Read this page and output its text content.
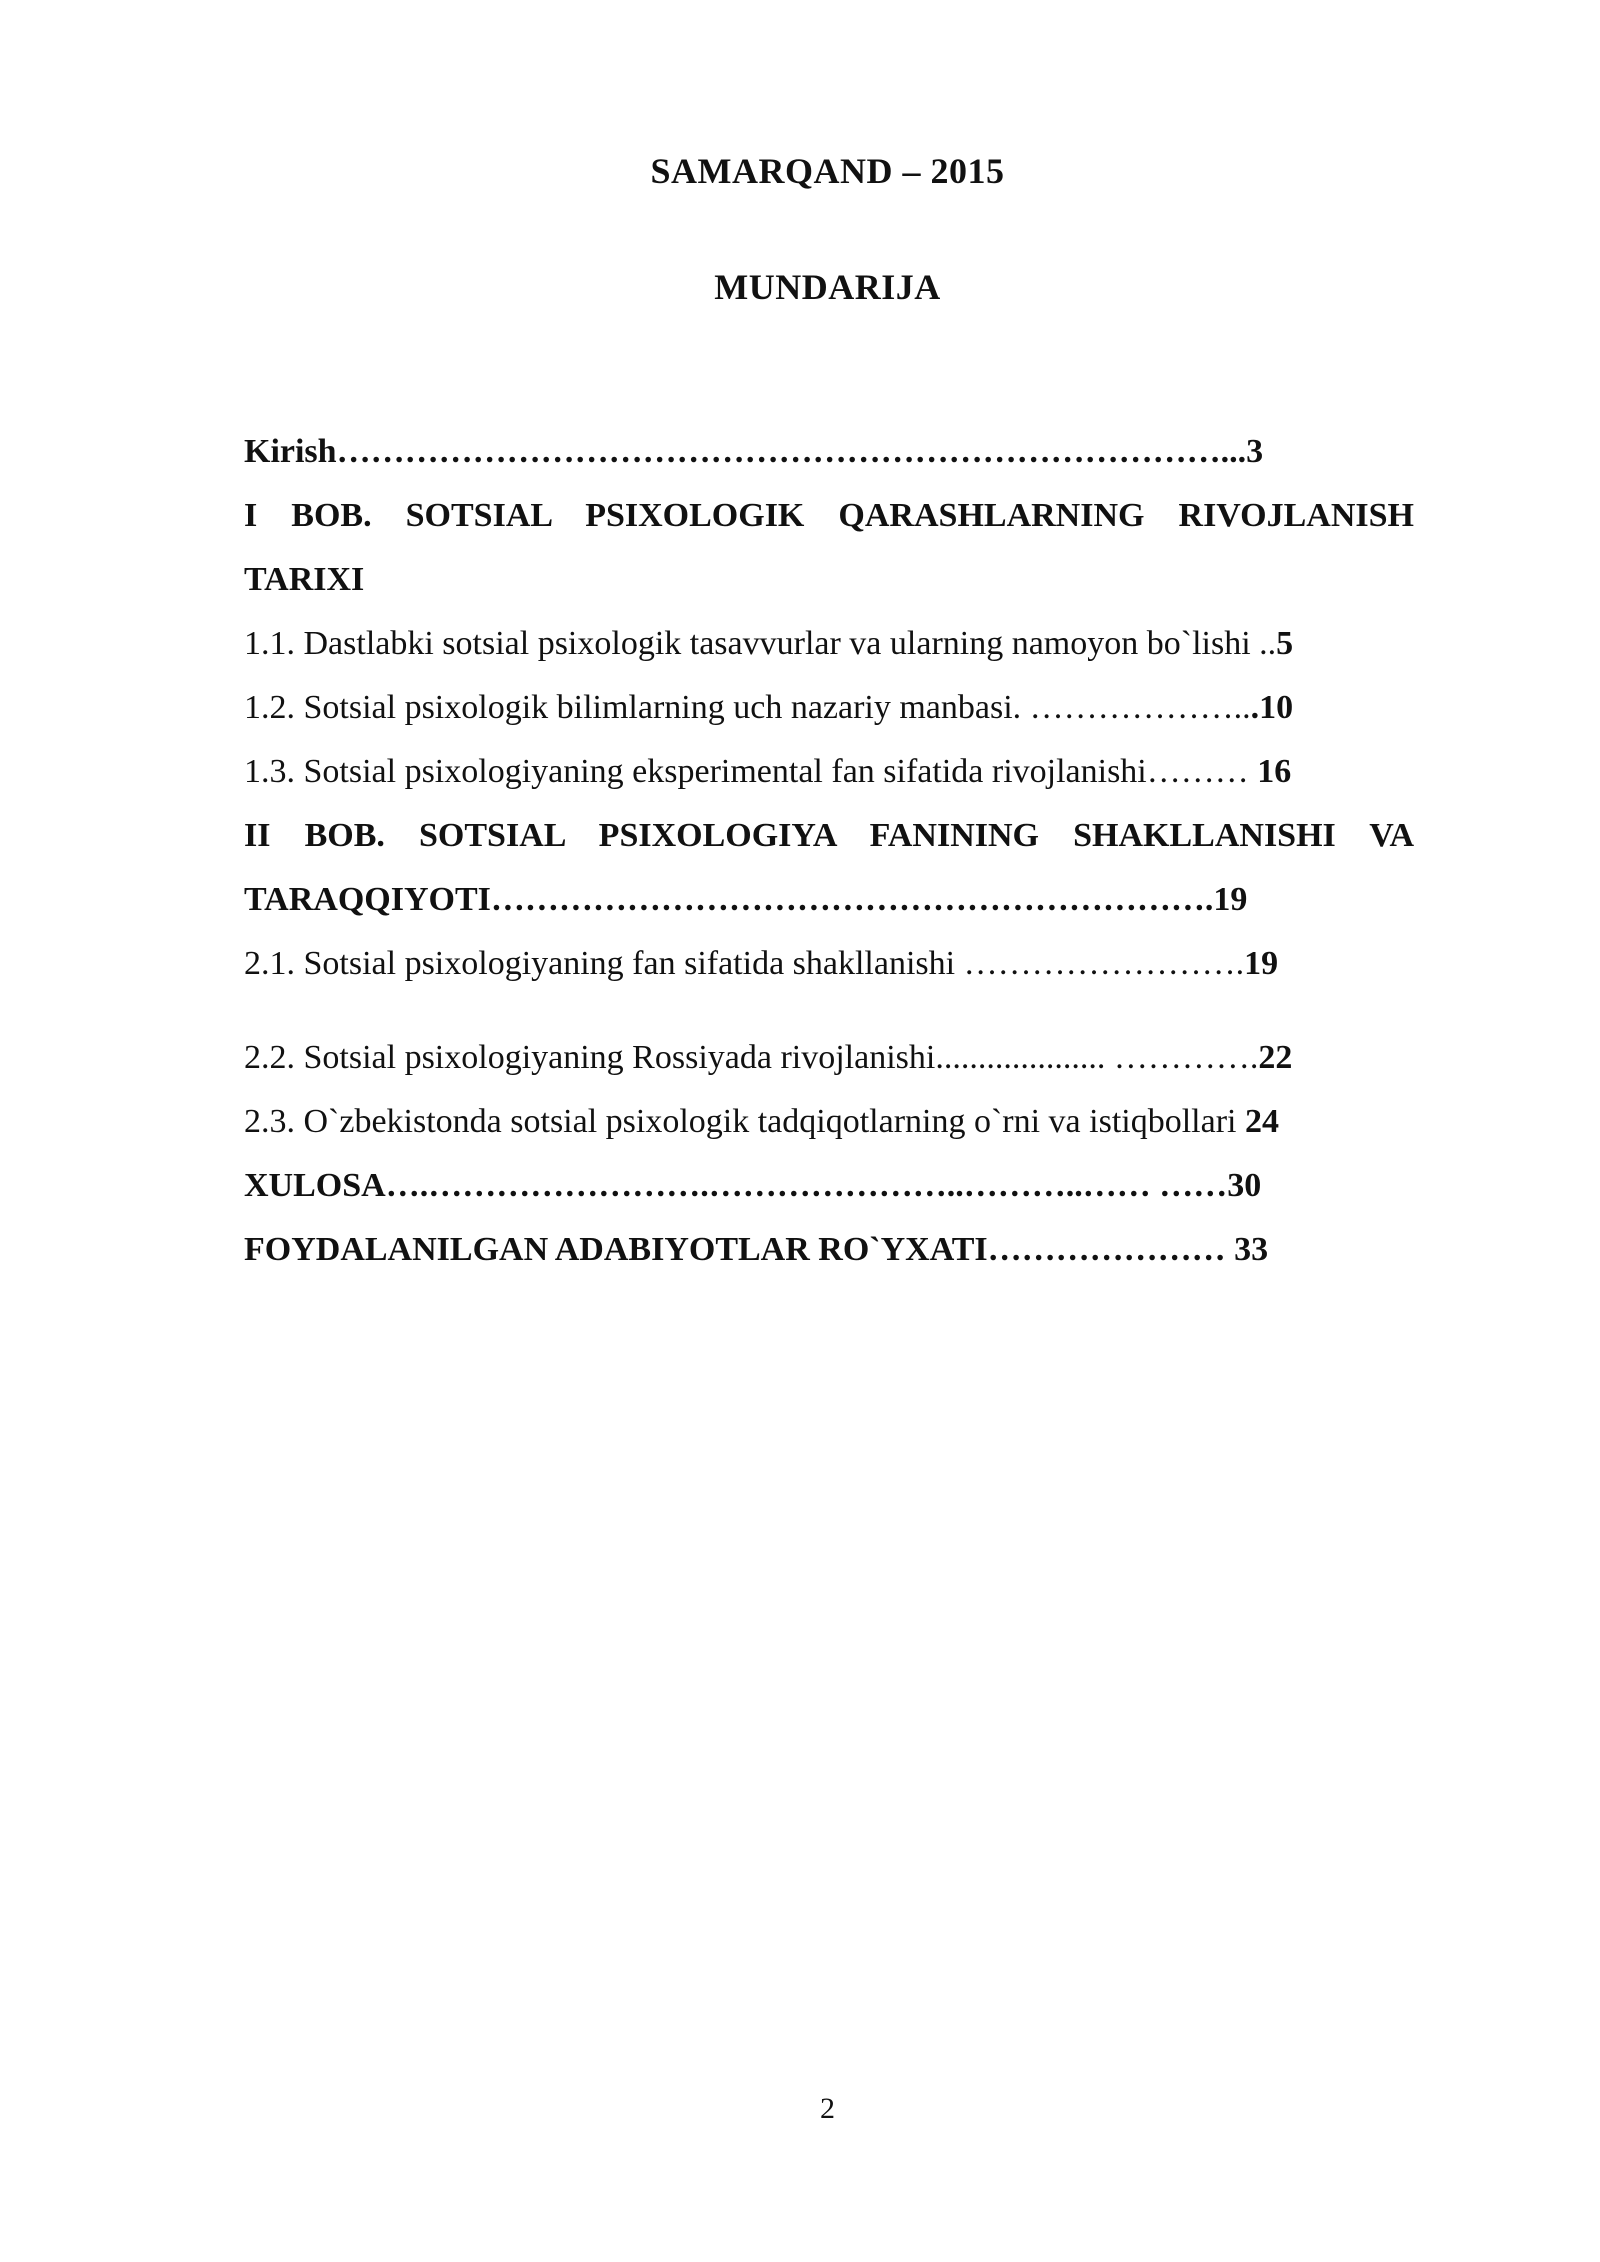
SAMARQAND – 2015
MUNDARIJA
Kirish……………………………………………………………………...3
I BOB. SOTSIAL PSIXOLOGIK QARASHLARNING RIVOJLANISH
TARIXI
1.1. Dastlabki sotsial psixologik tasavvurlar va ularning namoyon bo`lishi ..5
1.2. Sotsial psixologik bilimlarning uch nazariy manbasi. ………………...10
1.3. Sotsial psixologiyaning eksperimental fan sifatida rivojlanishi……… 16
II BOB. SOTSIAL PSIXOLOGIYA FANINING SHAKLLANISHI VA
TARAQQIYOTI……………………………………………………….19
2.1. Sotsial psixologiyaning fan sifatida shakllanishi …………………….19
2.2. Sotsial psixologiyaning Rossiyada rivojlanishi.................... ………….22
2.3. O`zbekistonda sotsial psixologik tadqiqotlarning o`rni va istiqbollari 24
XULOSA….…………………….…………………..………..…… ……30
FOYDALANILGAN ADABIYOTLAR RO`YXATI………………… 33
2
